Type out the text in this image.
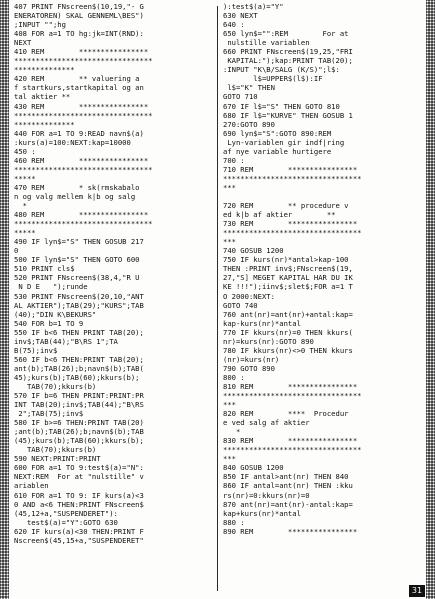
407 PRINT FNscreen$(10,19,"- G
ENERATOREN) SKAL GENNEML\BES")
;INPUT "";hg
408 FOR a=1 TO hg:jk=INT(RND):
NEXT
410 REM        ****************
********************************
**************
420 REM        ** valuering a
f startkurs,startkapital og an
tal aktier **
430 REM        ****************
********************************
**************
440 FOR a=1 TO 9:READ navn$(a)
:kurs(a)=100:NEXT:kap=10000
450 :
460 REM        ****************
********************************
*****
470 REM        * sk(rmskabalo
n og valg mellem k|b og salg
*
480 REM        ****************
********************************
*****
490 IF lyn$="S" THEN GOSUB 217
0
500 IF lyn$="S" THEN GOTO 600
510 PRINT cls$
520 PRINT FNscreen$(38,4,"R U
N D E   ");runde
530 PRINT FNscreen$(20,10,"ANT
AL AKTIER");TAB(29);"KURS";TAB
(40);"DIN K\BEKURS"
540 FOR b=1 TO 9
550 IF b<6 THEN PRINT TAB(20);
inv$;TAB(44);"B\RS 1";TA
B(75);inv$
560 IF b<6 THEN:PRINT TAB(20);
ant(b);TAB(26);b;navn$(b);TAB(
45);kurs(b);TAB(60);kkurs(b);
TAB(70);kkurs(b)
570 IF b=6 THEN PRINT:PRINT:PR
INT TAB(20);inv$;TAB(44);"B\RS
2";TAB(75);inv$
580 IF b>=6 THEN:PRINT TAB(20)
;ant(b);TAB(26);b;navn$(b);TAB
(45);kurs(b);TAB(60);kkurs(b);
TAB(70);kkurs(b)
590 NEXT:PRINT:PRINT
600 FOR a=1 TO 9:test$(a)="N":
NEXT:REM  For at "nulstille" v
ariablen
610 FOR a=1 TO 9: IF kurs(a)<3
0 AND a<6 THEN:PRINT FNscreen$
(45,12+a,"SUSPENDERET"):
test$(a)="Y":GOTO 630
620 IF kurs(a)<30 THEN:PRINT F
Nscreen$(45,15+a,"SUSPENDERET"
):test$(a)="Y"
630 NEXT
640 :
650 lyn$="":REM        For at
nulstille variablen
660 PRINT FNscreen$(19,25,"FRI
KAPITAL:");kap:PRINT TAB(20);
:INPUT "K\B/SALG (K/S)";l$:
l$=UPPER$(l$):IF
l$="K" THEN
GOTO 710
670 IF l$="S" THEN GOTO 810
680 IF l$="KURVE" THEN GOSUB 1
270:GOTO 890
690 lyn$="S":GOTO 890:REM
Lyn-variablen gir indf|ring
af nye variable hurtigere
700 :
710 REM        ****************
********************************
***
720 REM        ** procedure v
ed k|b af aktier        **
730 REM        ****************
********************************
***
740 GOSUB 1200
750 IF kurs(nr)*antal>kap-100
THEN :PRINT inv$;FNscreen$(19,
27,"S] MEGET KAPITAL HAR DU IK
KE !!!");iinv$;slet$;FOR a=1 T
O 2000:NEXT:
GOTO 740
760 ant(nr)=ant(nr)+antal:kap=
kap-kurs(nr)*antal
770 IF kkurs(nr)=0 THEN kkurs(
nr)=kurs(nr):GOTO 890
780 IF kkurs(nr)<>0 THEN kkurs
(nr)=kurs(nr)
790 GOTO 890
800 :
810 REM        ****************
********************************
***
820 REM        ****  Procedur
e ved salg af aktier
*
830 REM        ****************
********************************
***
840 GOSUB 1200
850 IF antal>ant(nr) THEN 840
860 IF antal=ant(nr) THEN :kku
rs(nr)=0:kkurs(nr)=0
870 ant(nr)=ant(nr)-antal:kap=
kap+kurs(nr)*antal
880 :
890 REM        ****************
31
